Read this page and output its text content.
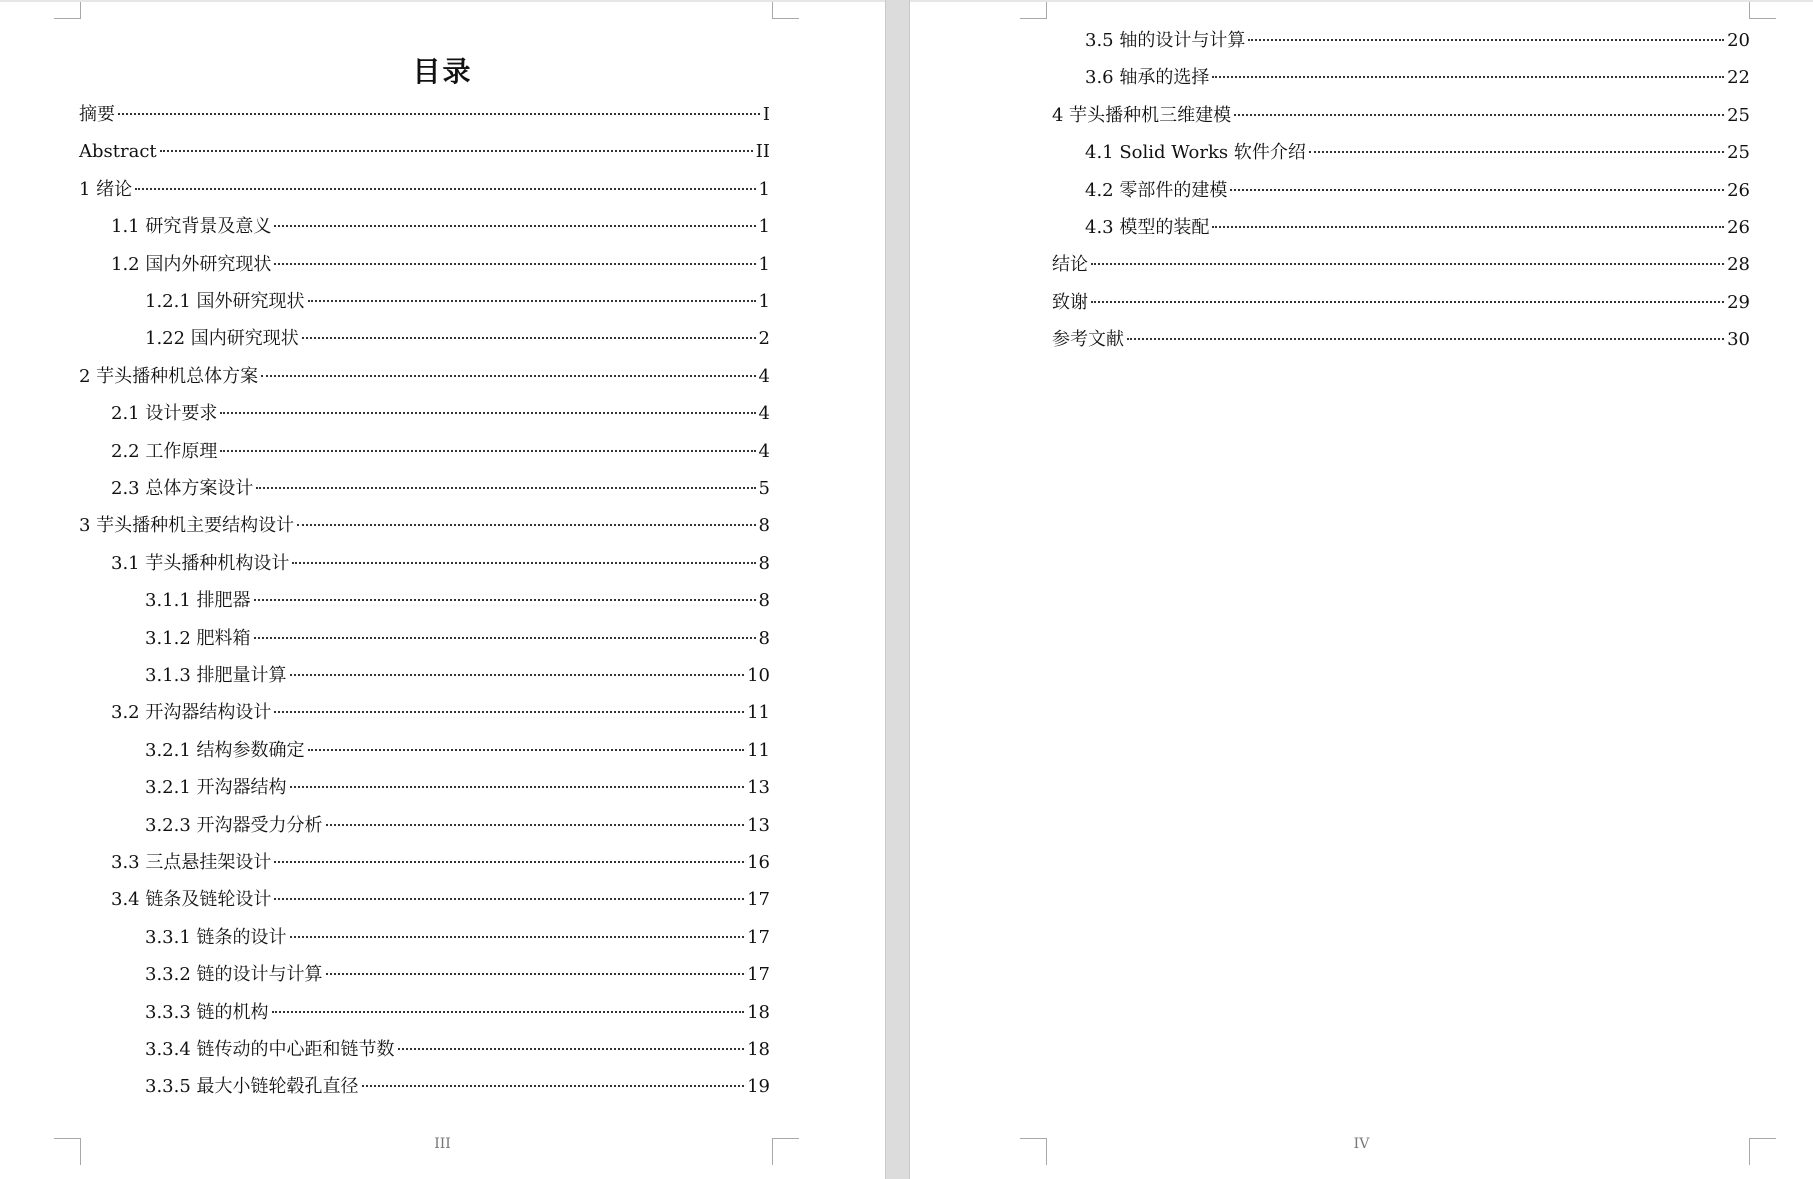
目录
摘要	I
Abstract	II
1 绪论	1
1.1 研究背景及意义	1
1.2 国内外研究现状	1
1.2.1 国外研究现状	1
1.22 国内研究现状	2
2 芋头播种机总体方案	4
2.1 设计要求	4
2.2 工作原理	4
2.3 总体方案设计	5
3 芋头播种机主要结构设计	8
3.1 芋头播种机构设计	8
3.1.1 排肥器	8
3.1.2 肥料箱	8
3.1.3 排肥量计算	10
3.2 开沟器结构设计	11
3.2.1 结构参数确定	11
3.2.1 开沟器结构	13
3.2.3 开沟器受力分析	13
3.3 三点悬挂架设计	16
3.4 链条及链轮设计	17
3.3.1 链条的设计	17
3.3.2 链的设计与计算	17
3.3.3 链的机构	18
3.3.4 链传动的中心距和链节数	18
3.3.5 最大小链轮毂孔直径	19
III
3.5 轴的设计与计算	20
3.6 轴承的选择	22
4 芋头播种机三维建模	25
4.1 Solid Works 软件介绍	25
4.2 零部件的建模	26
4.3 模型的装配	26
结论	28
致谢	29
参考文献	30
IV
